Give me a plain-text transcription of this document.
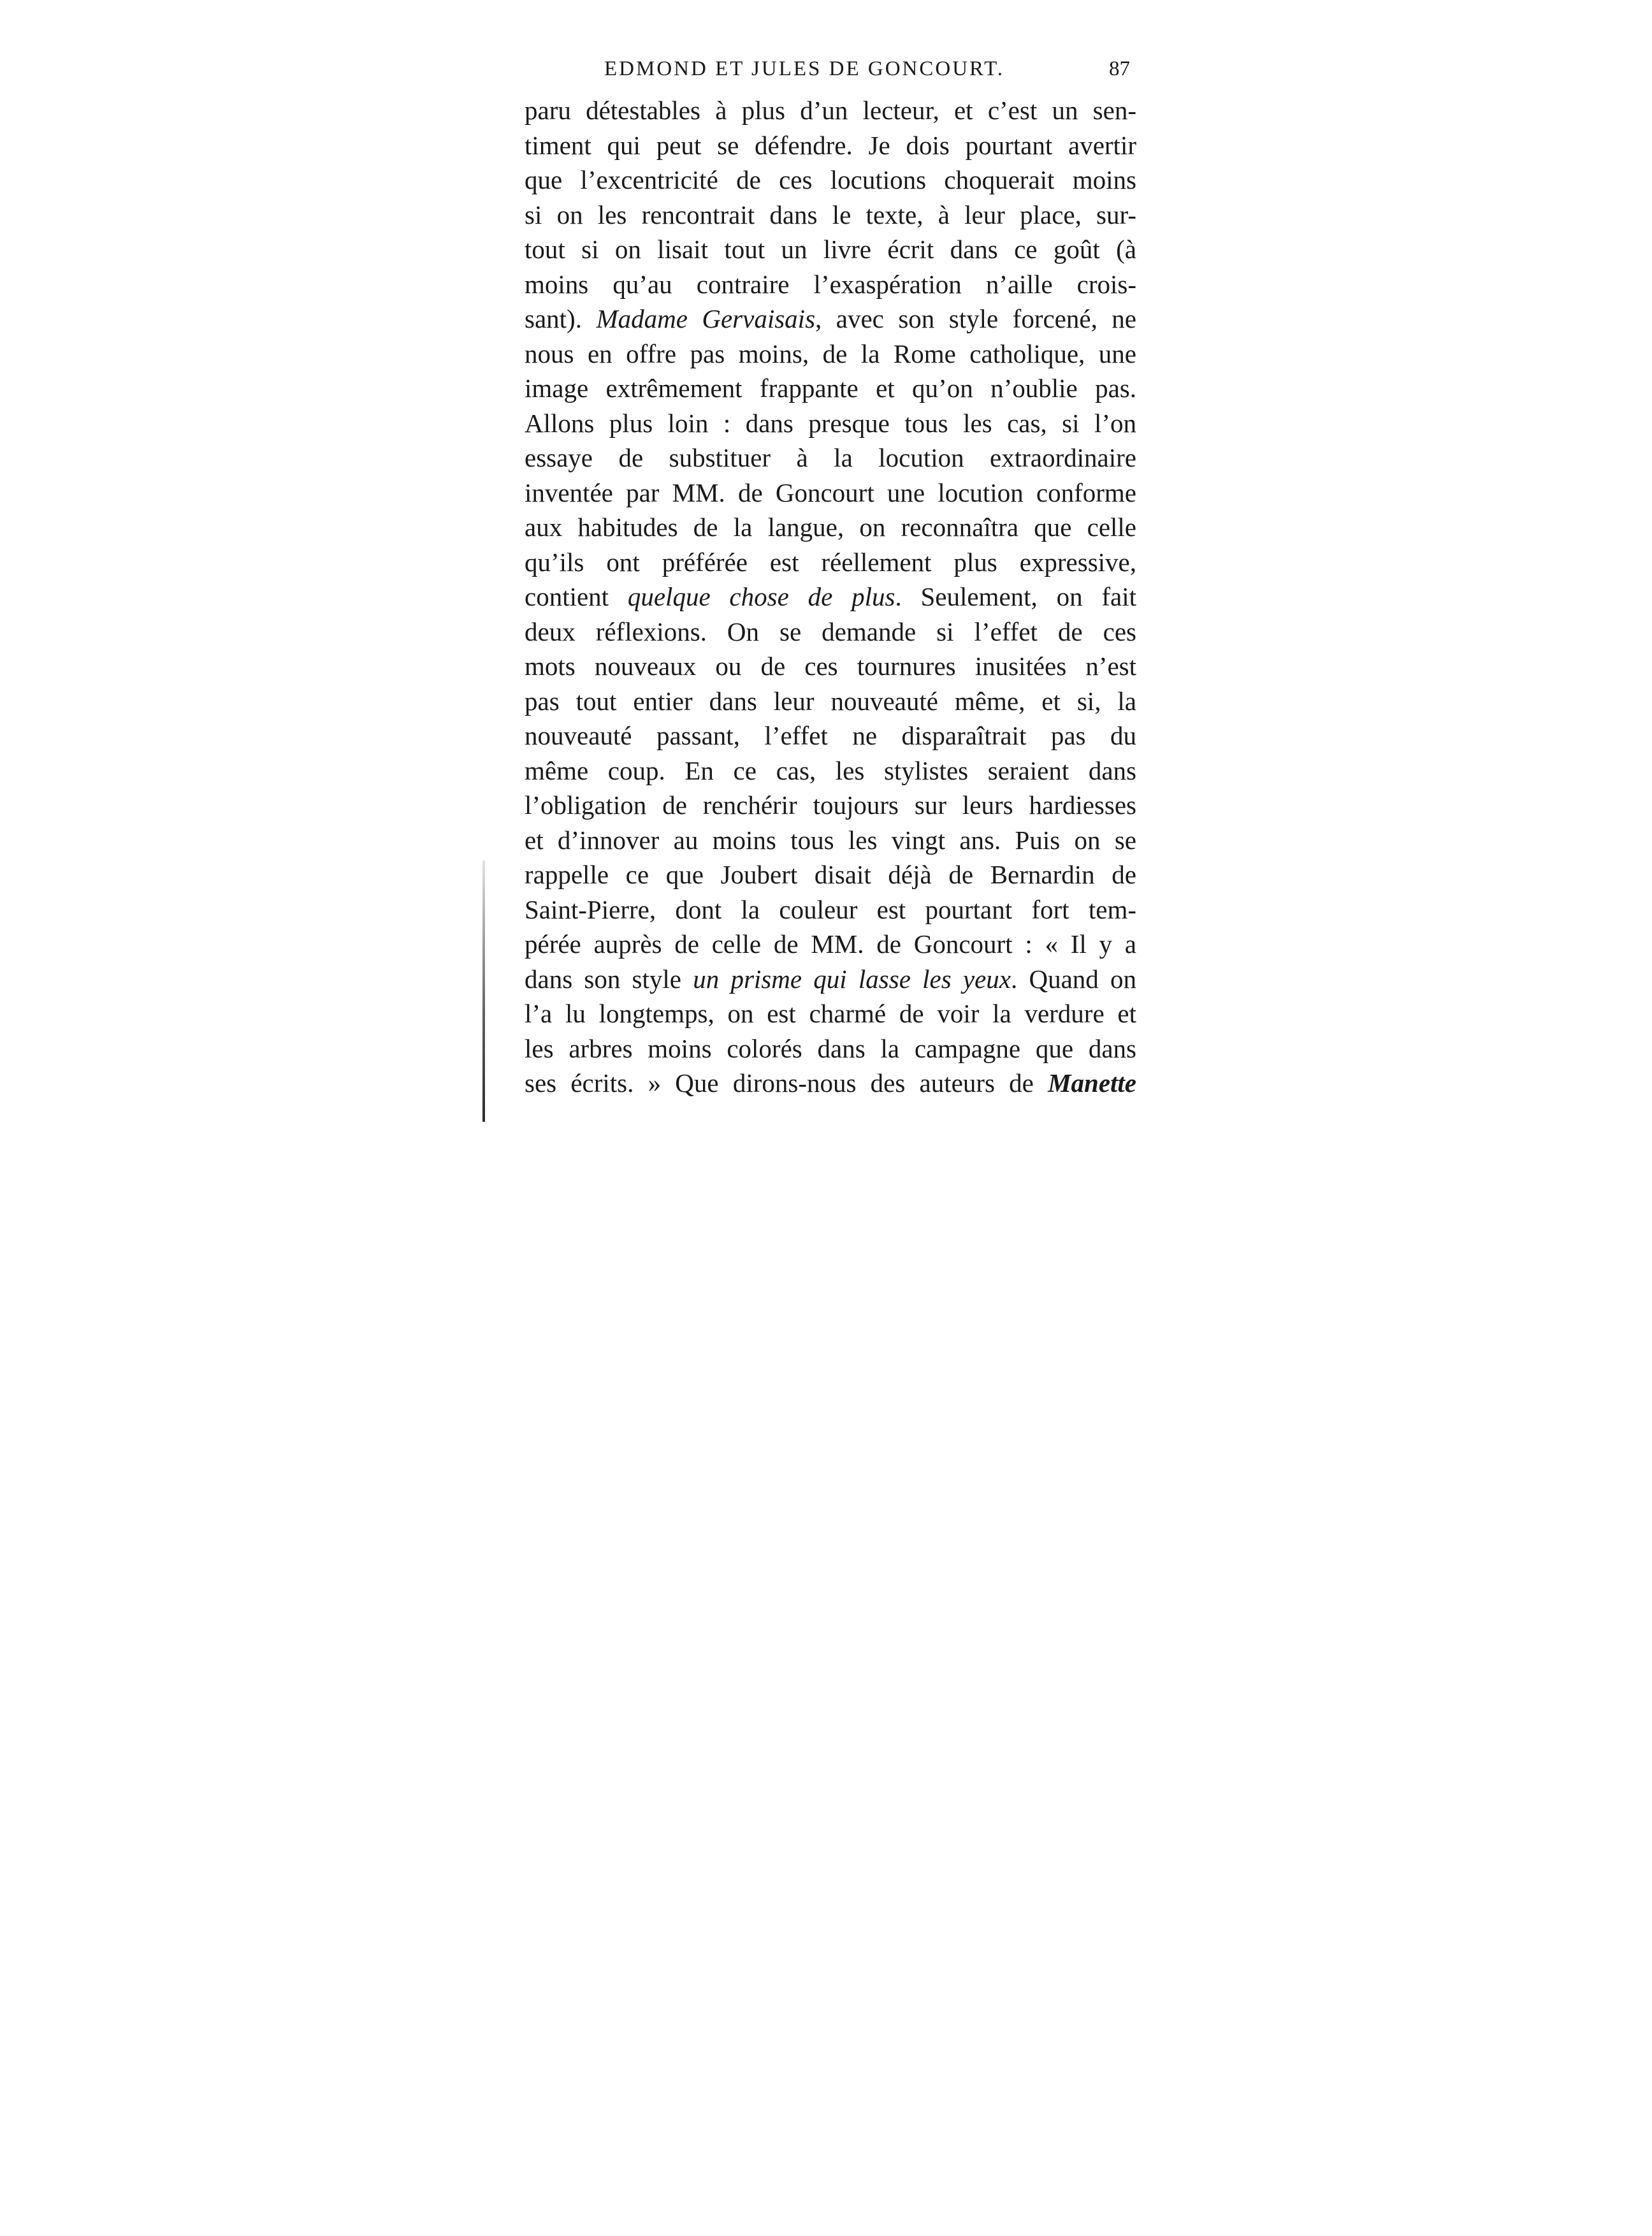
EDMOND ET JULES DE GONCOURT.	87
paru détestables à plus d’un lecteur, et c’est un sen-
timent qui peut se défendre. Je dois pourtant avertir
que l’excentricité de ces locutions choquerait moins
si on les rencontrait dans le texte, à leur place, sur-
tout si on lisait tout un livre écrit dans ce goût (à
moins qu’au contraire l’exaspération n’aille crois-
sant). Madame Gervaisais, avec son style forcené, ne
nous en offre pas moins, de la Rome catholique, une
image extrêmement frappante et qu’on n’oublie pas.
Allons plus loin : dans presque tous les cas, si l’on
essaye de substituer à la locution extraordinaire
inventée par MM. de Goncourt une locution conforme
aux habitudes de la langue, on reconnaîtra que celle
qu’ils ont préférée est réellement plus expressive,
contient quelque chose de plus. Seulement, on fait
deux réflexions. On se demande si l’effet de ces
mots nouveaux ou de ces tournures inusitées n’est
pas tout entier dans leur nouveauté même, et si, la
nouveauté passant, l’effet ne disparaîtrait pas du
même coup. En ce cas, les stylistes seraient dans
l’obligation de renchérir toujours sur leurs hardiesses
et d’innover au moins tous les vingt ans. Puis on se
rappelle ce que Joubert disait déjà de Bernardin de
Saint-Pierre, dont la couleur est pourtant fort tem-
pérée auprès de celle de MM. de Goncourt : « Il y a
dans son style un prisme qui lasse les yeux. Quand on
l’a lu longtemps, on est charmé de voir la verdure et
les arbres moins colorés dans la campagne que dans
ses écrits. » Que dirons-nous des auteurs de Manette
